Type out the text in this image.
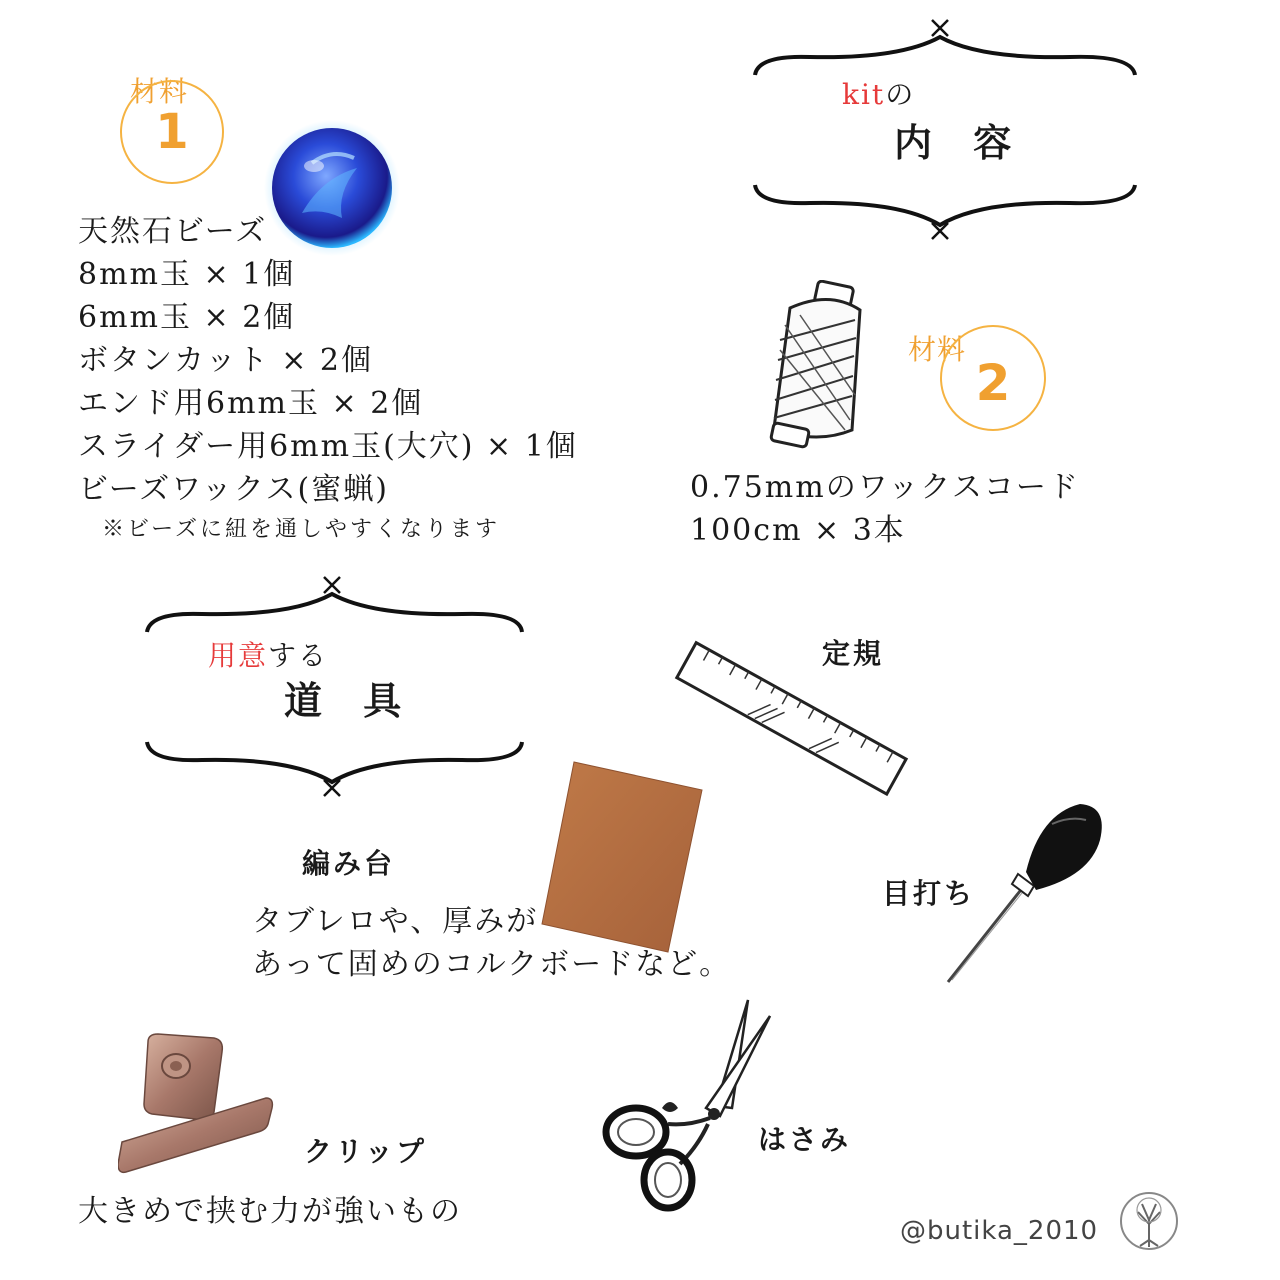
材料
1
天然石ビーズ
8mm玉 × 1個
6mm玉 × 2個
ボタンカット × 2個
エンド用6mm玉 × 2個
スライダー用6mm玉(大穴) × 1個
ビーズワックス(蜜蝋)
※ビーズに紐を通しやすくなります
kitの
内 容
材料
2
0.75mmのワックスコード
100cm × 3本
用意する
道 具
定規
編み台
タブレロや、厚みが
あって固めのコルクボードなど。
目打ち
はさみ
クリップ
大きめで挟む力が強いもの
@butika_2010
